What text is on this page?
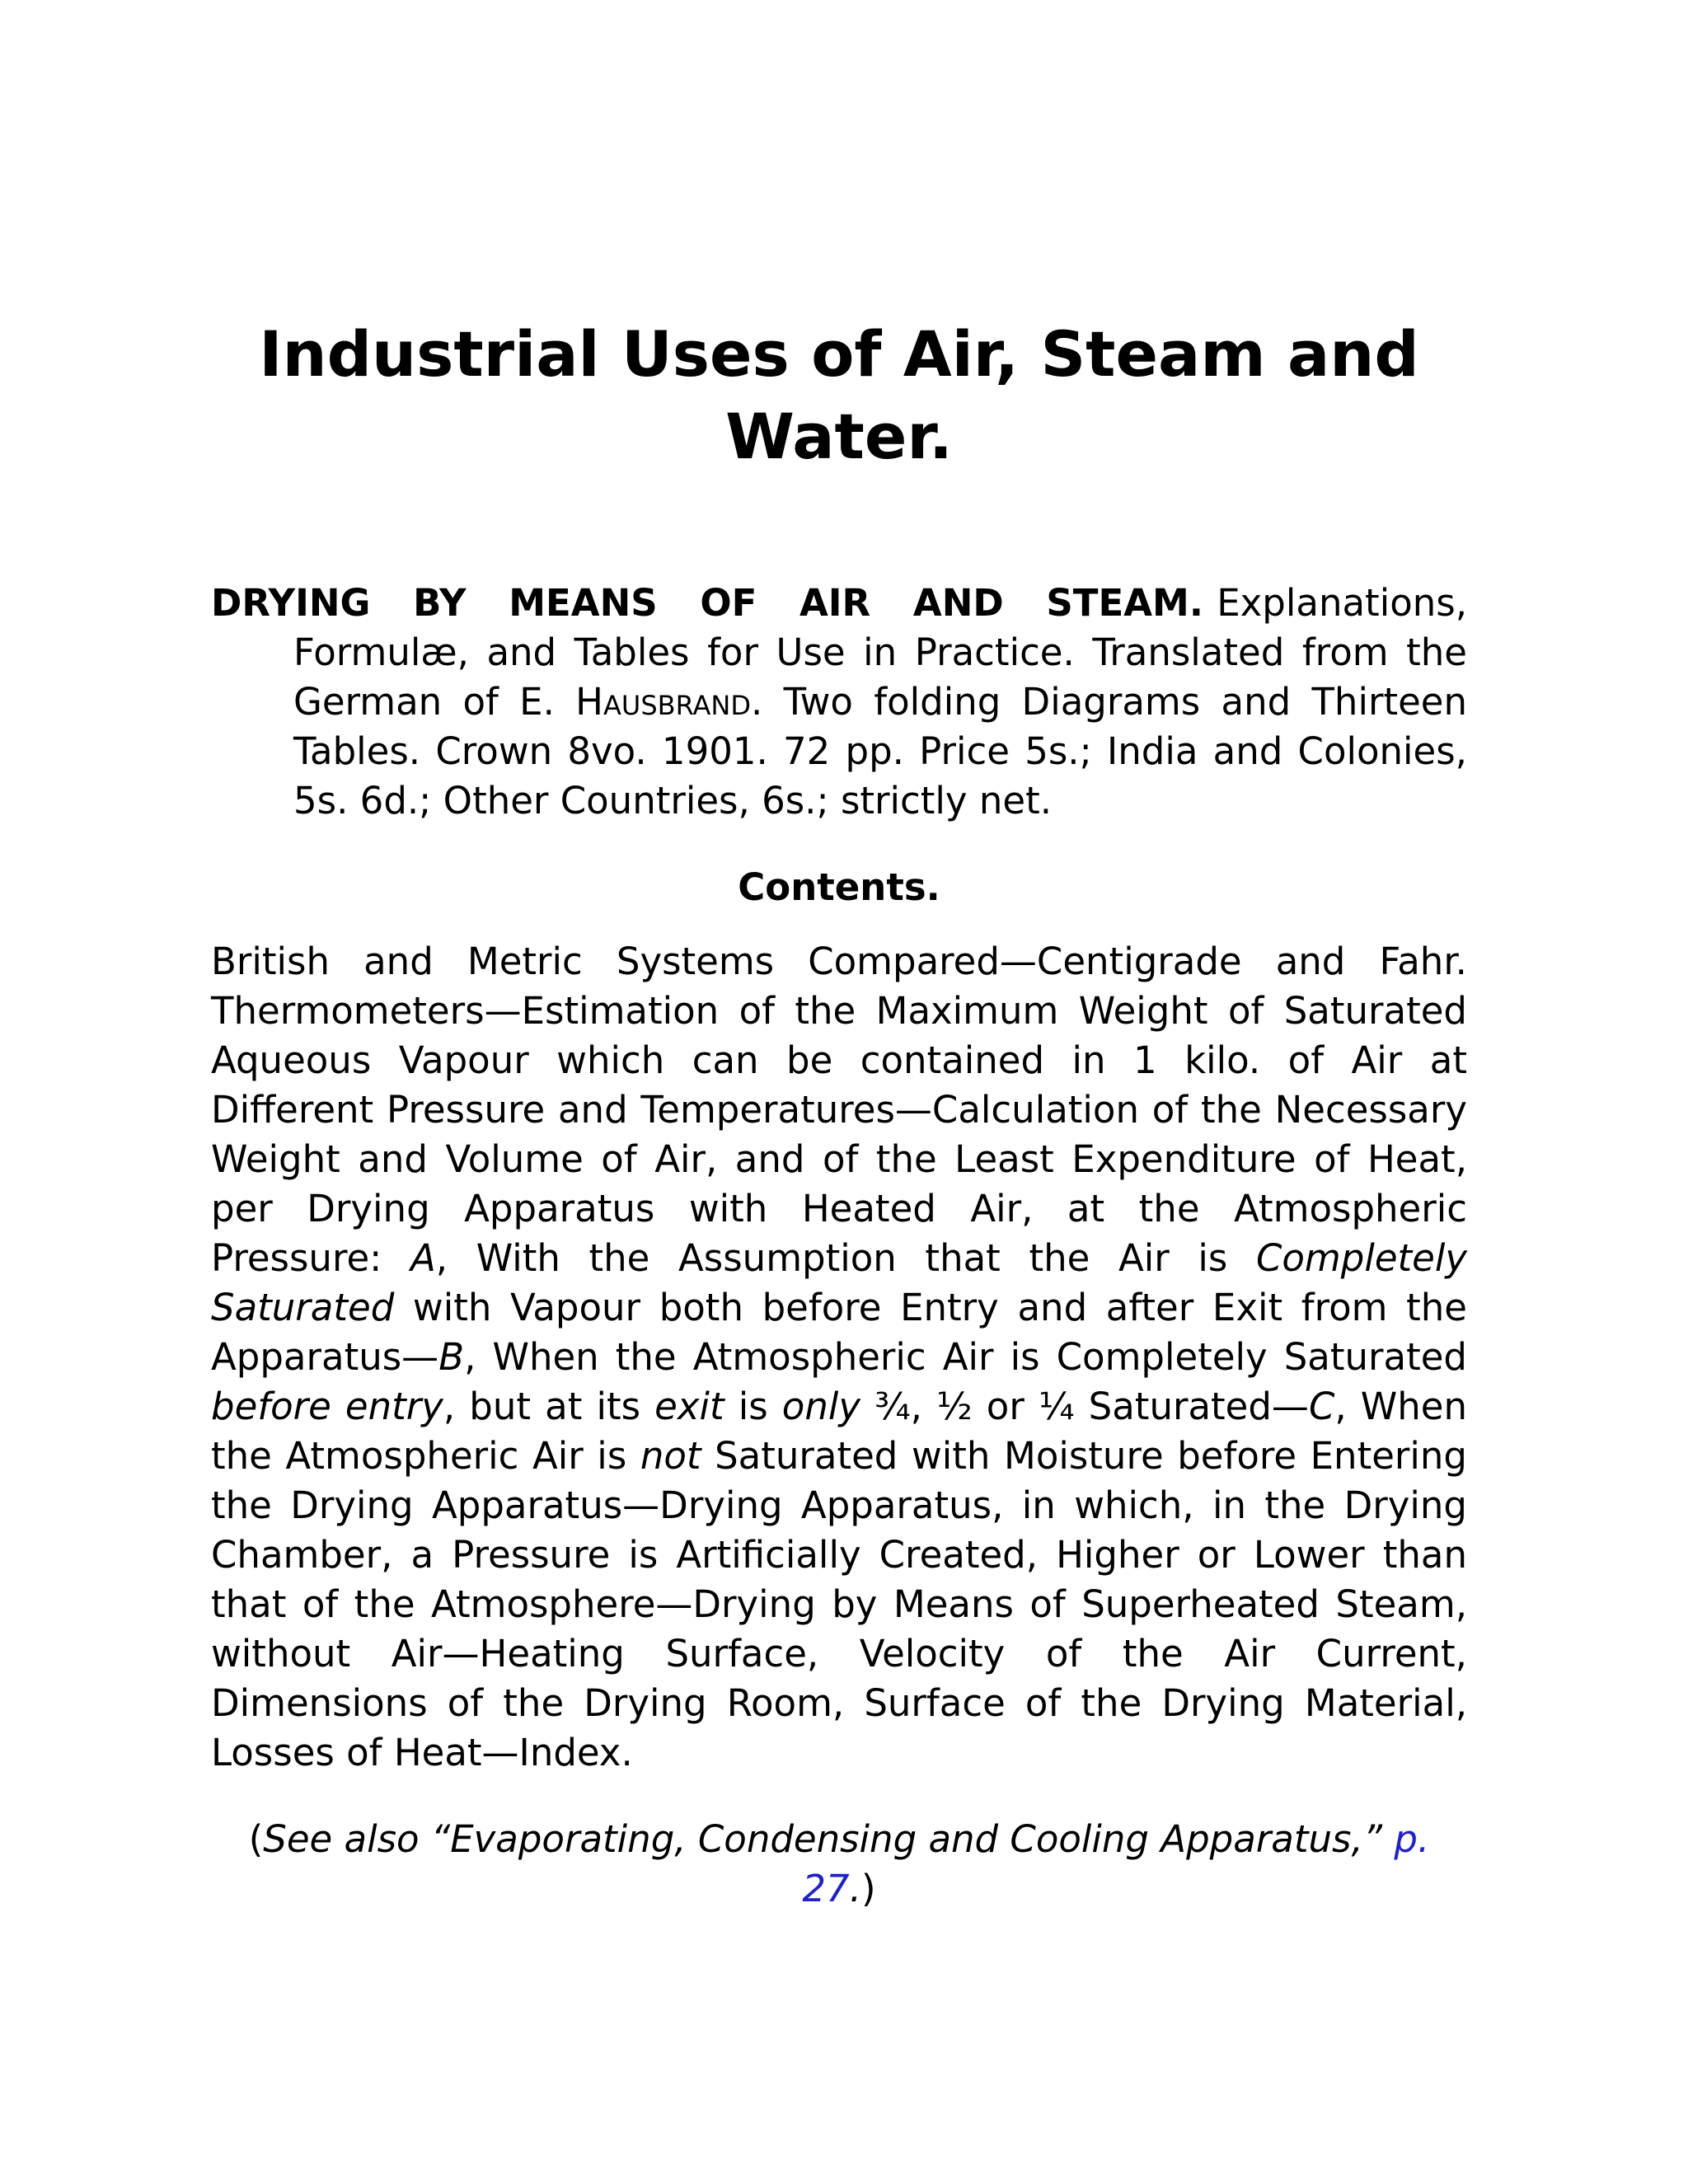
Industrial Uses of Air, Steam and Water.

DRYING BY MEANS OF AIR AND STEAM. Explanations, Formulæ, and Tables for Use in Practice. Translated from the German of E. Hausbrand. Two folding Diagrams and Thirteen Tables. Crown 8vo. 1901. 72 pp. Price 5s.; India and Colonies, 5s. 6d.; Other Countries, 6s.; strictly net.

Contents.

British and Metric Systems Compared—Centigrade and Fahr. Thermometers—Estimation of the Maximum Weight of Saturated Aqueous Vapour which can be contained in 1 kilo. of Air at Different Pressure and Temperatures—Calculation of the Necessary Weight and Volume of Air, and of the Least Expenditure of Heat, per Drying Apparatus with Heated Air, at the Atmospheric Pressure: A, With the Assumption that the Air is Completely Saturated with Vapour both before Entry and after Exit from the Apparatus—B, When the Atmospheric Air is Completely Saturated before entry, but at its exit is only ¾, ½ or ¼ Saturated—C, When the Atmospheric Air is not Saturated with Moisture before Entering the Drying Apparatus—Drying Apparatus, in which, in the Drying Chamber, a Pressure is Artificially Created, Higher or Lower than that of the Atmosphere—Drying by Means of Superheated Steam, without Air—Heating Surface, Velocity of the Air Current, Dimensions of the Drying Room, Surface of the Drying Material, Losses of Heat—Index.

(See also “Evaporating, Condensing and Cooling Apparatus,” p. 27.)
